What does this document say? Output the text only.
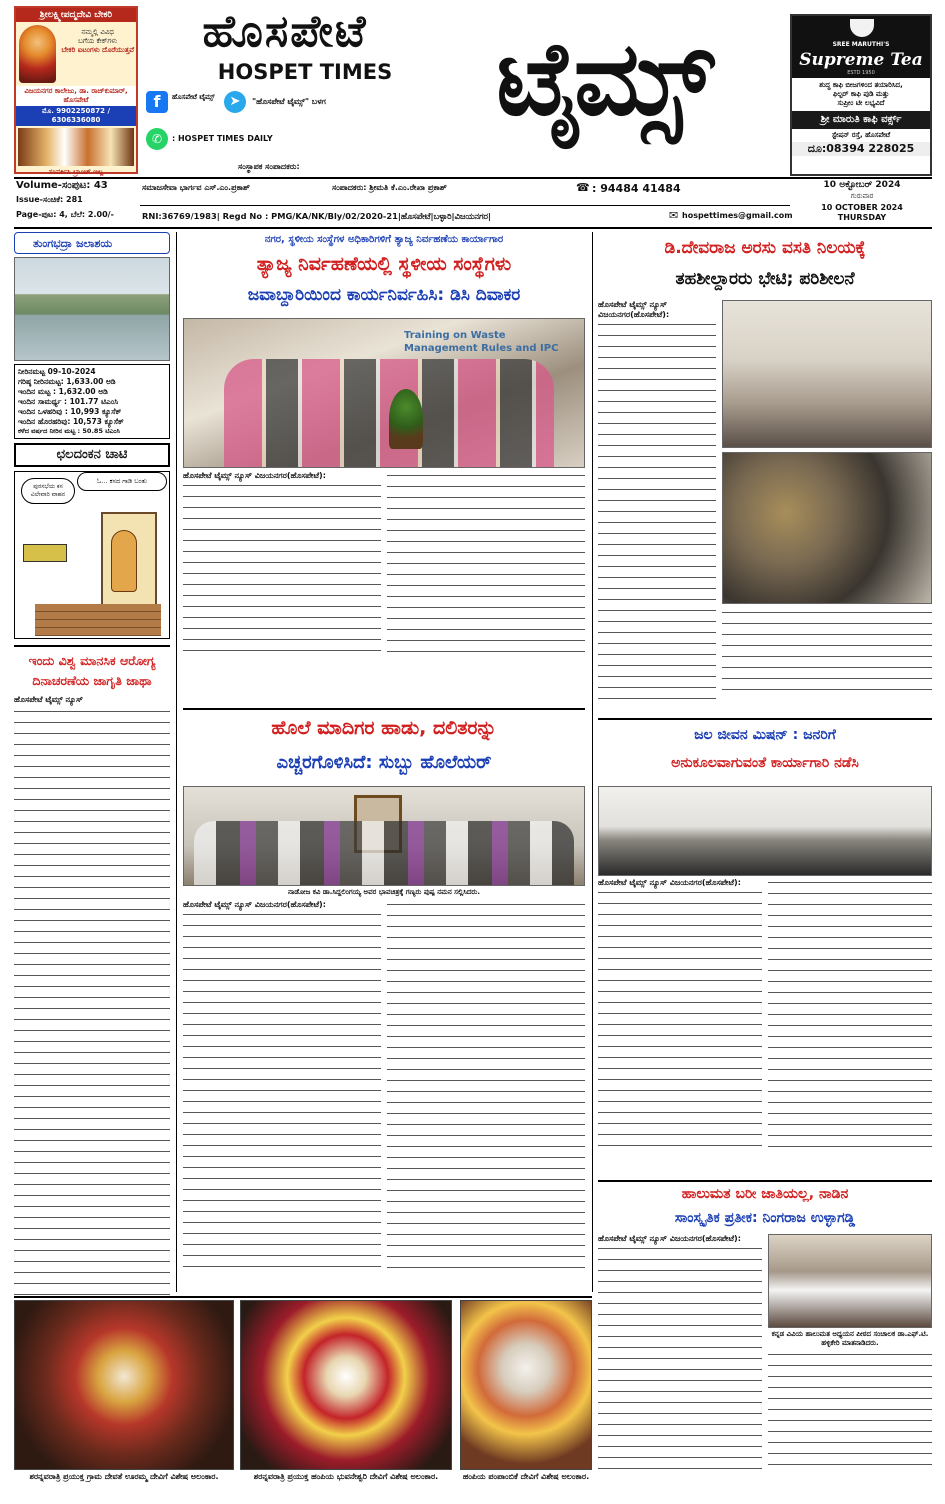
ಶ್ರೀಲಕ್ಷ್ಮೀಪದ್ಮದೇವಿ ಬೇಕರಿ
ನಮ್ಮಲ್ಲಿ ವಿವಿಧ
ಬಗೆಯ ಕೇಕ್‌ಗಳು
ಬೇಕರಿ ಐಟಂಗಳು ದೊರೆಯುತ್ತವೆ
ವಿಜಯನಗರ ಕಾಲೇಜು, ಡಾ. ರಾಜ್‌ಕುಮಾರ್, ಹೊಸಪೇಟೆ
ಮೊ. 9902250872 / 6306336080
ಸಂಪರ್ಕಿಸಿ ಬ್ರಾಂಚ್ ಇಲ್ಲ
ಹೊಸಪೇಟೆ
HOSPET TIMES	ಟೈಮ್ಸ್
f	ಹೊಸಪೇಟೆ ಟೈಮ್ಸ್	➤	"ಹೊಸಪೇಟೆ ಟೈಮ್ಸ್" ಬಳಗ
✆	: HOSPET TIMES DAILY
ಸಂಸ್ಥಾಪಕ ಸಂಪಾದಕರು:
SREE MARUTHI'S
Supreme Tea
ESTD 1950
ಶುದ್ಧ ಕಾಫಿ ಬೀಜಗಳಿಂದ ತಯಾರಿಸಿದ,
ಫಿಲ್ಟರ್ ಕಾಫಿ ಪುಡಿ ಮತ್ತು
ಸುಪ್ರೀಂ ಟೀ ಲಭ್ಯವಿದೆ
ಶ್ರೀ ಮಾರುತಿ ಕಾಫಿ ವರ್ಕ್ಸ್
ಸ್ಟೇಷನ್ ರಸ್ತೆ, ಹೊಸಪೇಟೆ
ದೂ:08394 228025
Volume-ಸಂಪುಟ: 43
Issue-ಸಂಚಿಕೆ: 281
Page-ಪುಟ: 4, ಬೆಲೆ: 2.00/-
ಸಮಾಜಸೇವಾ ಭಾರ್ಗವ ಎಸ್.ಎಂ.ಪ್ರಕಾಶ್	ಸಂಪಾದಕರು: ಶ್ರೀಮತಿ ಕೆ.ಎಂ.ರೇಖಾ ಪ್ರಕಾಶ್	☎ : 94484 41484	10 ಅಕ್ಟೋಬರ್ 2024
ಗುರುವಾರ
10 OCTOBER 2024
THURSDAY
RNI:36769/1983| Regd No : PMG/KA/NK/Bly/02/2020-21|ಹೊಸಪೇಟೆ|ಬಳ್ಳಾರಿ|ವಿಜಯನಗರ|	✉ hospettimes@gmail.com
ತುಂಗಭದ್ರಾ ಜಲಾಶಯ
ನೀರಿನಮಟ್ಟ 09-10-2024
ಗರಿಷ್ಠ ನೀರಿನಮಟ್ಟ: 1,633.00 ಅಡಿ
ಇಂದಿನ ಮಟ್ಟ : 1,632.00 ಅಡಿ
ಇಂದಿನ ಸಾಮರ್ಥ್ಯ : 101.77 ಟಿಎಂಸಿ
ಇಂದಿನ ಒಳಹರಿವು : 10,993 ಕ್ಯೂಸೆಕ್
ಇಂದಿನ ಹೊರಹರಿವು: 10,573 ಕ್ಯೂಸೆಕ್
ಕಳೆದ ವರ್ಷದ ನೀರಿನ ಮಟ್ಟ : 50.85 ಟಿಎಂಸಿ
ಛಲದಂಕನ ಚಾಟಿ
ಪುರಸಭೆಯ ಕಸ ವಿಲೇವಾರಿ ವಾಹನ
ಓ... ಕಸದ ಗಾಡಿ ಬಂತು
ಇಂದು ವಿಶ್ವ ಮಾನಸಿಕ ಆರೋಗ್ಯ
ದಿನಾಚರಣೆಯ ಜಾಗೃತಿ ಜಾಥಾ
ಹೊಸಪೇಟೆ ಟೈಮ್ಸ್ ನ್ಯೂಸ್
ನಗರ, ಸ್ಥಳೀಯ ಸಂಸ್ಥೆಗಳ ಅಧಿಕಾರಿಗಳಿಗೆ ತ್ಯಾಜ್ಯ ನಿರ್ವಹಣೆಯ ಕಾರ್ಯಾಗಾರ
ತ್ಯಾಜ್ಯ ನಿರ್ವಹಣೆಯಲ್ಲಿ ಸ್ಥಳೀಯ ಸಂಸ್ಥೆಗಳು
ಜವಾಬ್ದಾರಿಯಿಂದ ಕಾರ್ಯನಿರ್ವಹಿಸಿ: ಡಿಸಿ ದಿವಾಕರ
Training on Waste Management Rules and IPC
ಹೊಸಪೇಟೆ ಟೈಮ್ಸ್ ನ್ಯೂಸ್ ವಿಜಯನಗರ(ಹೊಸಪೇಟೆ):
ಹೊಲೆ ಮಾದಿಗರ ಹಾಡು, ದಲಿತರನ್ನು
ಎಚ್ಚರಗೊಳಿಸಿದೆ: ಸುಬ್ಬು ಹೊಲೆಯರ್
ನಾಡೋಜ ಕವಿ ಡಾ.ಸಿದ್ದಲಿಂಗಯ್ಯ ಅವರ ಭಾವಚಿತ್ರಕ್ಕೆ ಗಣ್ಯರು ಪುಷ್ಪ ನಮನ ಸಲ್ಲಿಸಿದರು.
ಹೊಸಪೇಟೆ ಟೈಮ್ಸ್ ನ್ಯೂಸ್ ವಿಜಯನಗರ(ಹೊಸಪೇಟೆ):
ಡಿ.ದೇವರಾಜ ಅರಸು ವಸತಿ ನಿಲಯಕ್ಕೆ
ತಹಶೀಲ್ದಾರರು ಭೇಟಿ; ಪರಿಶೀಲನೆ
ಹೊಸಪೇಟೆ ಟೈಮ್ಸ್ ನ್ಯೂಸ್ ವಿಜಯನಗರ(ಹೊಸಪೇಟೆ):
ಜಲ ಜೀವನ ಮಿಷನ್ : ಜನರಿಗೆ
ಅನುಕೂಲವಾಗುವಂತೆ ಕಾರ್ಯಾಗಾರಿ ನಡೆಸಿ
ಹೊಸಪೇಟೆ ಟೈಮ್ಸ್ ನ್ಯೂಸ್ ವಿಜಯನಗರ(ಹೊಸಪೇಟೆ):
ಹಾಲುಮತ ಬರೀ ಜಾತಿಯಲ್ಲ, ನಾಡಿನ
ಸಾಂಸ್ಕೃತಿಕ ಪ್ರತೀಕ: ನಿಂಗರಾಜ ಉಳ್ಳಾಗಡ್ಡಿ
ಹೊಸಪೇಟೆ ಟೈಮ್ಸ್ ನ್ಯೂಸ್ ವಿಜಯನಗರ(ಹೊಸಪೇಟೆ):
ಕನ್ನಡ ವಿವಿಯ ಹಾಲುಮತ ಅಧ್ಯಯನ ಪೀಠದ ಸಂಚಾಲಕ ಡಾ.ಎಫ್.ಟಿ. ಹಳ್ಳಿಕೇರಿ ಮಾತನಾಡಿದರು.
ಶರನ್ನವರಾತ್ರಿ ಪ್ರಯುಕ್ತ ಗ್ರಾಮ ದೇವತೆ ಊರಮ್ಮ ದೇವಿಗೆ ವಿಶೇಷ ಅಲಂಕಾರ.	ಶರನ್ನವರಾತ್ರಿ ಪ್ರಯುಕ್ತ ಹಂಪಿಯ ಭುವನೇಶ್ವರಿ ದೇವಿಗೆ ವಿಶೇಷ ಅಲಂಕಾರ.	ಹಂಪಿಯ ಪಂಪಾಂಬಿಕೆ ದೇವಿಗೆ ವಿಶೇಷ ಅಲಂಕಾರ.
